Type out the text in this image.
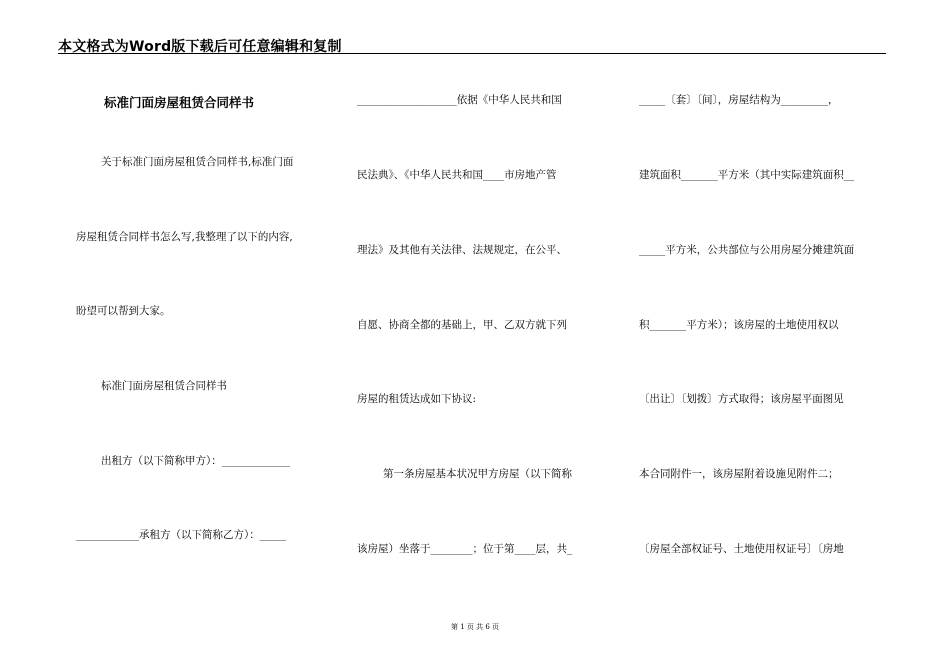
本文格式为Word版下载后可任意编辑和复制
标准门面房屋租赁合同样书
关于标准门面房屋租赁合同样书,标准门面
房屋租赁合同样书怎么写,我整理了以下的内容,
盼望可以帮到大家。
标准门面房屋租赁合同样书
出租方（以下简称甲方）：_____________
____________承租方（以下简称乙方）：_____
___________________依据《中华人民共和国
民法典》、《中华人民共和国____市房地产管
理法》及其他有关法律、法规规定，在公平、
自愿、协商全都的基础上，甲、乙双方就下列
房屋的租赁达成如下协议:
第一条房屋基本状况甲方房屋（以下简称
该房屋）坐落于________；位于第____层，共_
_____〔套〕〔间〕，房屋结构为_________，
建筑面积_______平方米（其中实际建筑面积__
_____平方米，公共部位与公用房屋分摊建筑面
积_______平方米）；该房屋的土地使用权以
〔出让〕〔划拨〕方式取得；该房屋平面图见
本合同附件一，该房屋附着设施见附件二；
〔房屋全部权证号、土地使用权证号〕〔房地
第 1 页 共 6 页
